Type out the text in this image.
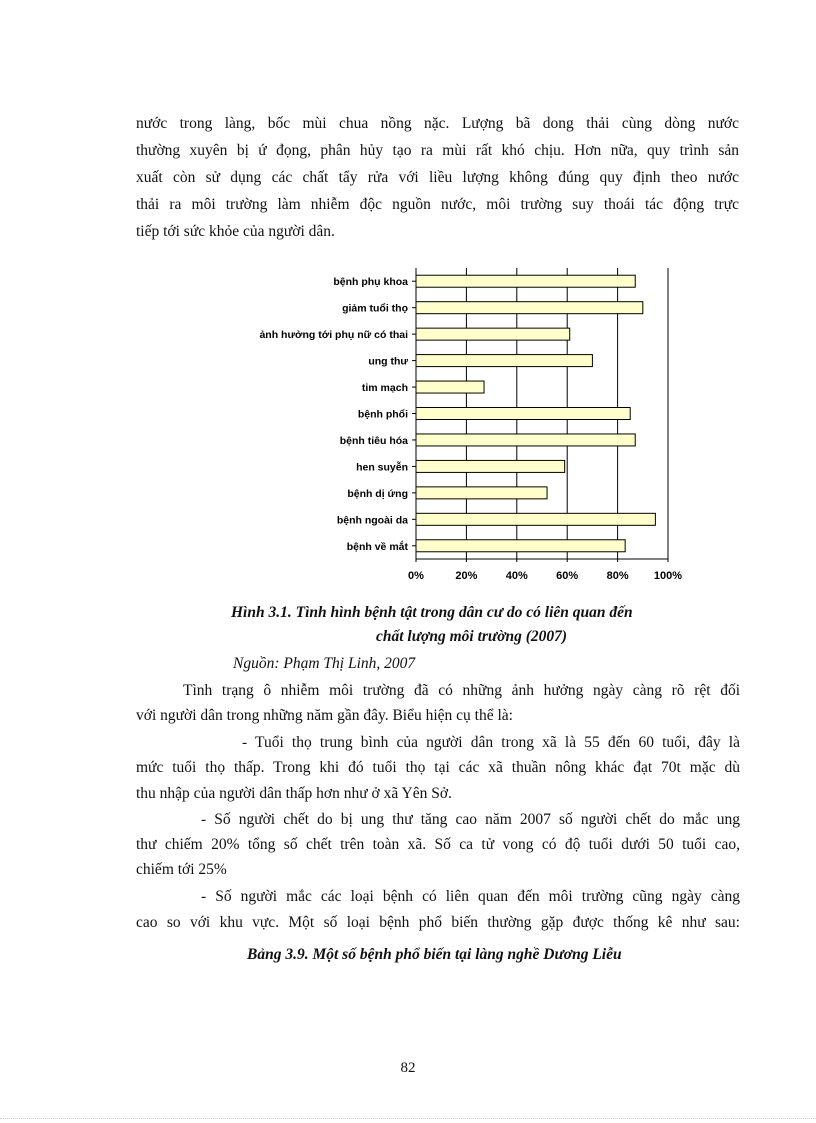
nước trong làng, bốc mùi chua nồng nặc. Lượng bã dong thải cùng dòng nước
thường xuyên bị ứ đọng, phân hủy tạo ra mùi rất khó chịu. Hơn nữa, quy trình sản
xuất còn sử dụng các chất tẩy rửa với liều lượng không đúng quy định theo nước
thải ra môi trường làm nhiễm độc nguồn nước, môi trường suy thoái tác động trực
tiếp tới sức khỏe của người dân.
bệnh phụ khoa
giảm tuổi thọ
ảnh hưởng tới phụ nữ có thai
ung thư
tim mạch
bệnh phổi
bệnh tiêu hóa
hen suyễn
bệnh dị ứng
bệnh ngoài da
bệnh về mắt
0%	20%	40%	60%	80% 100%
Hình 3.1. Tình hình bệnh tật trong dân cư do có liên quan đến
chất lượng môi trường (2007)
Nguồn: Phạm Thị Linh, 2007
Tình trạng ô nhiễm môi trường đã có những ảnh hưởng ngày càng rõ rệt đối
với người dân trong những năm gần đây. Biểu hiện cụ thể là:
- Tuổi thọ trung bình của người dân trong xã là 55 đến 60 tuổi, đây là
mức tuổi thọ thấp. Trong khi đó tuổi thọ tại các xã thuần nông khác đạt 70t mặc dù
thu nhập của người dân thấp hơn như ở xã Yên Sở.
- Số người chết do bị ung thư tăng cao năm 2007 số người chết do mắc ung
thư chiếm 20% tổng số chết trên toàn xã. Số ca tử vong có độ tuổi dưới 50 tuổi cao,
chiếm tới 25%
- Số người mắc các loại bệnh có liên quan đến môi trường cũng ngày càng
cao so với khu vực. Một số loại bệnh phổ biến thường gặp được thống kê như sau:
Bảng 3.9. Một số bệnh phổ biến tại làng nghề Dương Liễu
82
